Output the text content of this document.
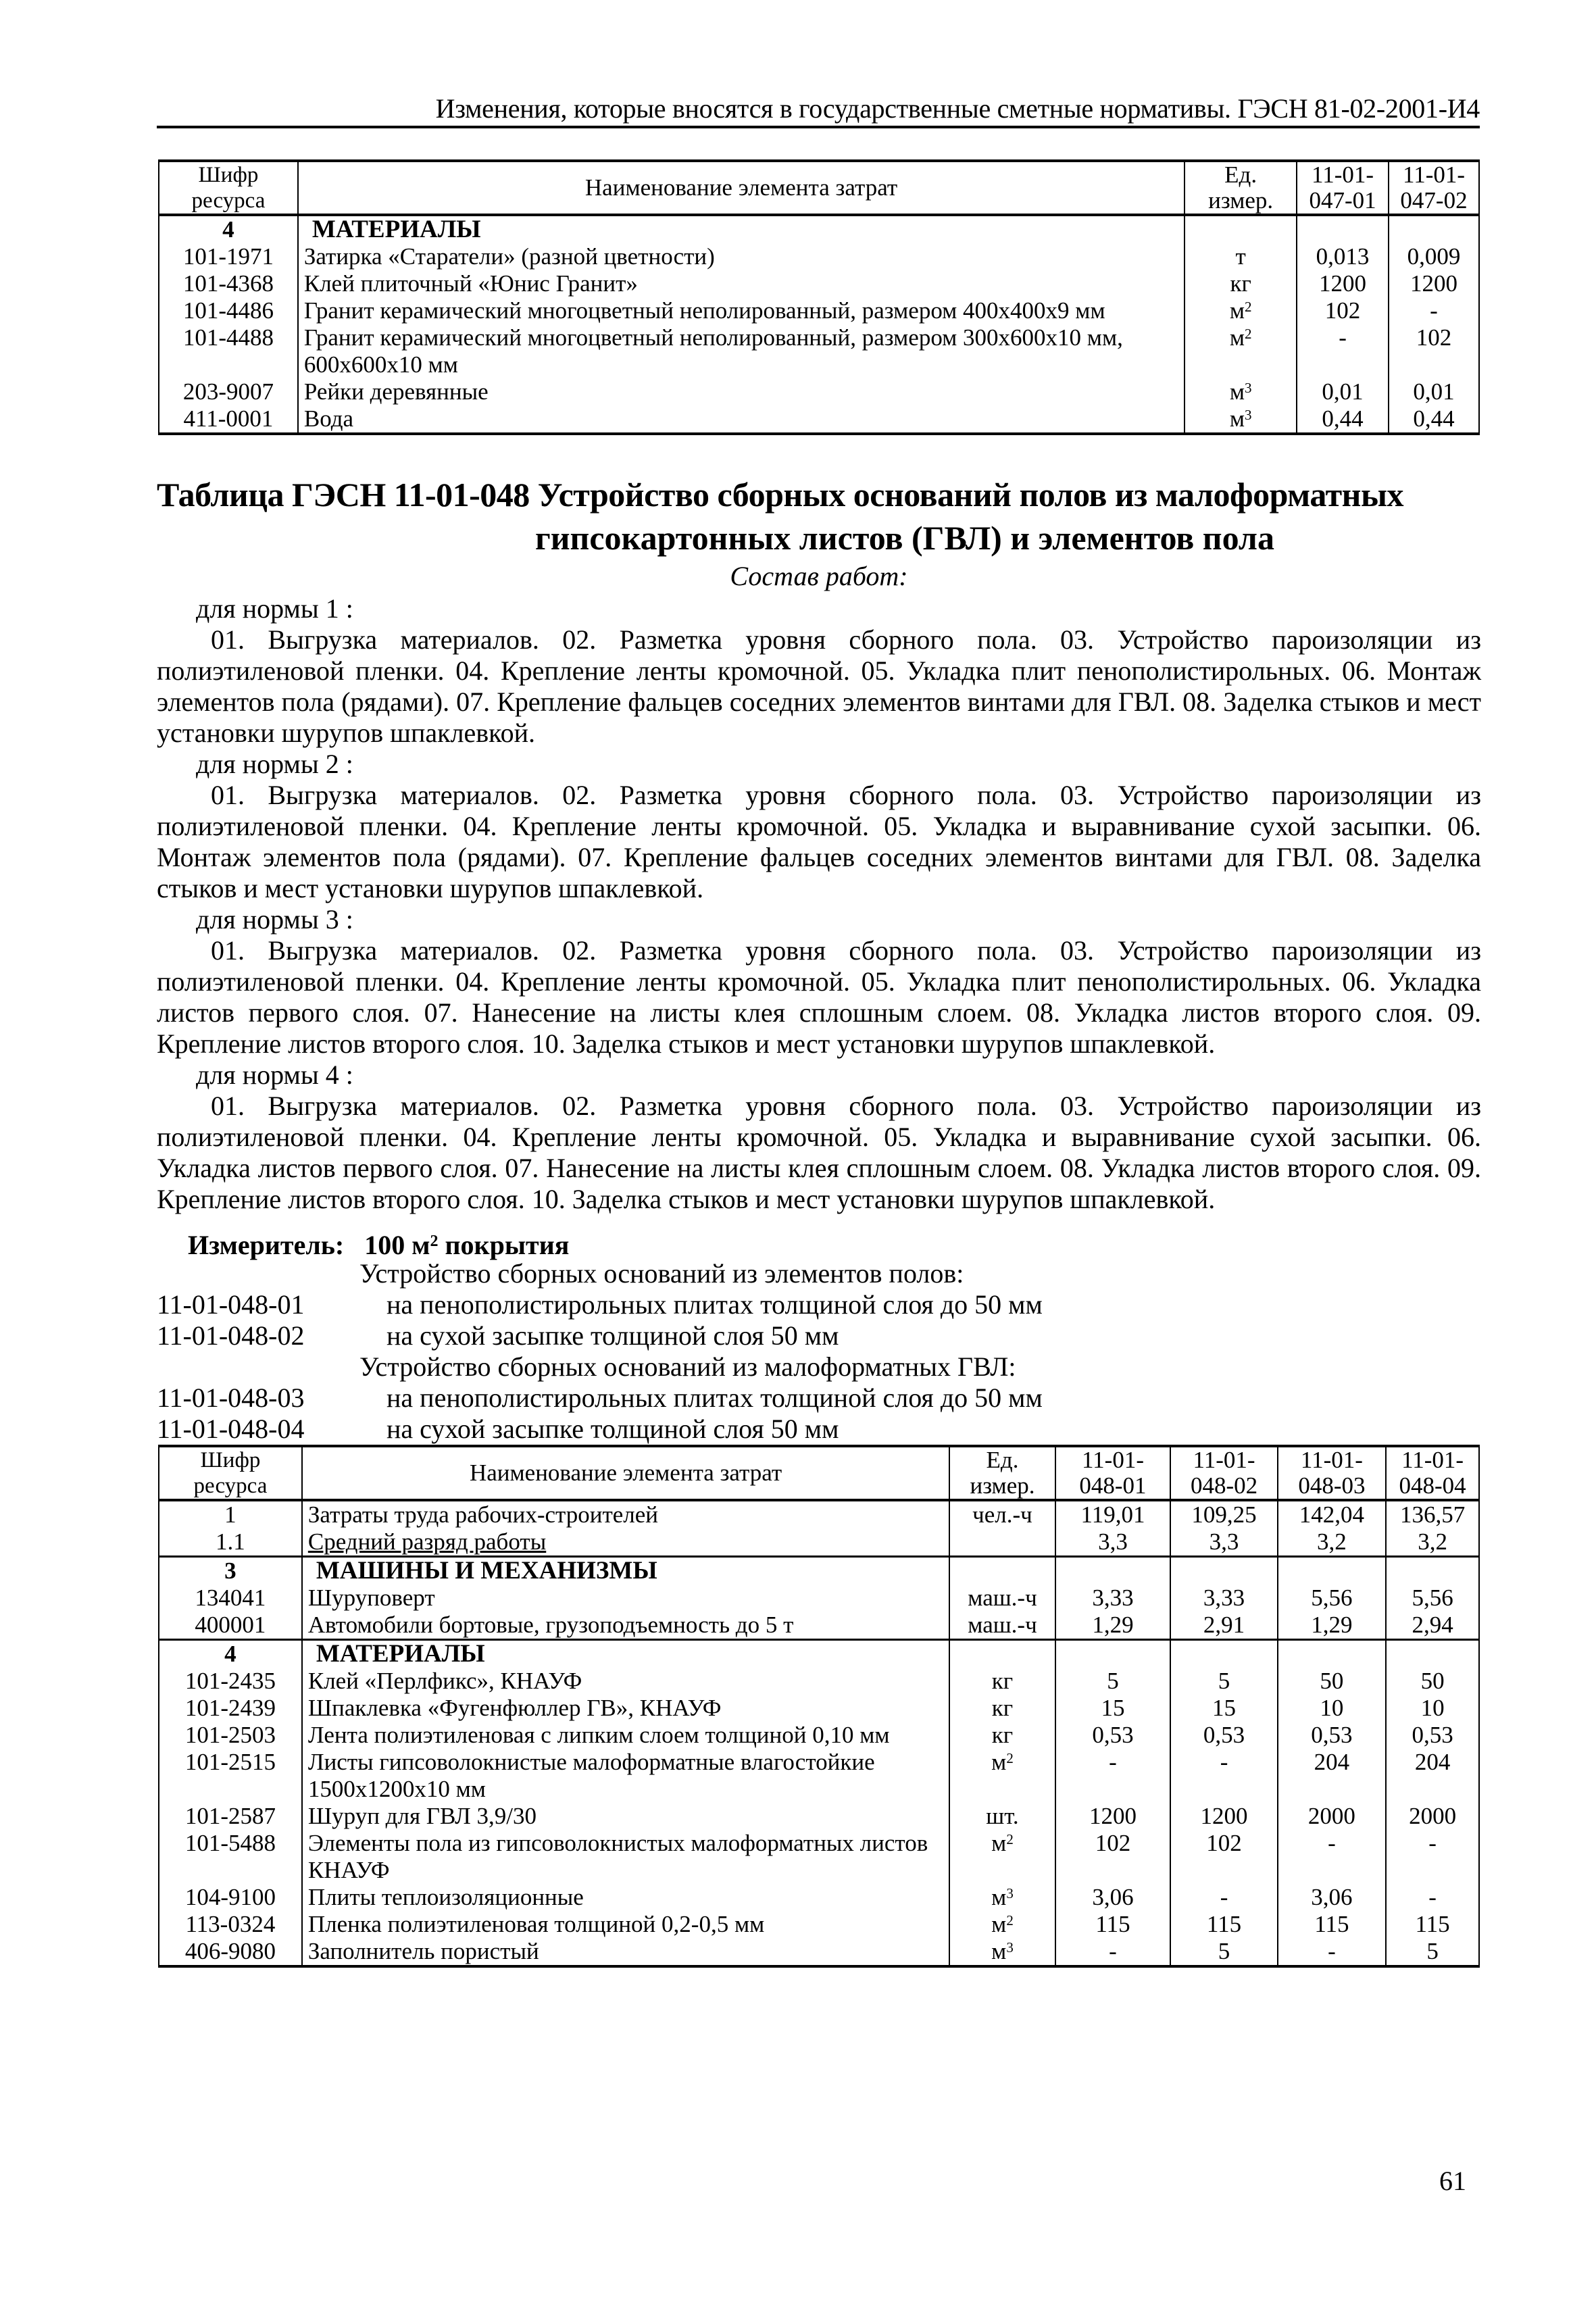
Изменения, которые вносятся в государственные сметные нормативы. ГЭСН 81-02-2001-И4
Шифр ресурса	Наименование элемента затрат	Ед. измер.	11-01-047-01	11-01-047-02
4	МАТЕРИАЛЫ			
101-1971	Затирка «Старатели» (разной цветности)	т	0,013	0,009
101-4368	Клей плиточный «Юнис Гранит»	кг	1200	1200
101-4486	Гранит керамический многоцветный неполированный, размером 400х400х9 мм	$м^2$	102	-
101-4488	Гранит керамический многоцветный неполированный, размером 300х600х10 мм, 600х600х10 мм	$м^2$	-	102
203-9007	Рейки деревянные	$м^3$	0,01	0,01
411-0001	Вода	$м^3$	0,44	0,44
Таблица ГЭСН 11-01-048 Устройство сборных оснований полов из малоформатных
гипсокартонных листов (ГВЛ) и элементов пола
Состав работ:
для нормы 1 :

01. Выгрузка материалов. 02. Разметка уровня сборного пола. 03. Устройство пароизоляции из полиэтиленовой пленки. 04. Крепление ленты кромочной. 05. Укладка плит пенополистирольных. 06. Монтаж элементов пола (рядами). 07. Крепление фальцев соседних элементов винтами для ГВЛ. 08. Заделка стыков и мест установки шурупов шпаклевкой.

для нормы 2 :

01. Выгрузка материалов. 02. Разметка уровня сборного пола. 03. Устройство пароизоляции из полиэтиленовой пленки. 04. Крепление ленты кромочной. 05. Укладка и выравнивание сухой засыпки. 06. Монтаж элементов пола (рядами). 07. Крепление фальцев соседних элементов винтами для ГВЛ. 08. Заделка стыков и мест установки шурупов шпаклевкой.

для нормы 3 :

01. Выгрузка материалов. 02. Разметка уровня сборного пола. 03. Устройство пароизоляции из полиэтиленовой пленки. 04. Крепление ленты кромочной. 05. Укладка плит пенополистирольных. 06. Укладка листов первого слоя. 07. Нанесение на листы клея сплошным слоем. 08. Укладка листов второго слоя. 09. Крепление листов второго слоя. 10. Заделка стыков и мест установки шурупов шпаклевкой.

для нормы 4 :

01. Выгрузка материалов. 02. Разметка уровня сборного пола. 03. Устройство пароизоляции из полиэтиленовой пленки. 04. Крепление ленты кромочной. 05. Укладка и выравнивание сухой засыпки. 06. Укладка листов первого слоя. 07. Нанесение на листы клея сплошным слоем. 08. Укладка листов второго слоя. 09. Крепление листов второго слоя. 10. Заделка стыков и мест установки шурупов шпаклевкой.

Измеритель: 100 $м^2$ покрытия
Устройство сборных оснований из элементов полов:
11-01-048-01	на пенополистирольных плитах толщиной слоя до 50 мм
11-01-048-02	на сухой засыпке толщиной слоя 50 мм
Устройство сборных оснований из малоформатных ГВЛ:
11-01-048-03	на пенополистирольных плитах толщиной слоя до 50 мм
11-01-048-04	на сухой засыпке толщиной слоя 50 мм
Шифр ресурса	Наименование элемента затрат	Ед. измер.	11-01-048-01	11-01-048-02	11-01-048-03	11-01-048-04
1	Затраты труда рабочих-строителей	чел.-ч	119,01	109,25	142,04	136,57
1.1	Средний разряд работы		3,3	3,3	3,2	3,2
3	МАШИНЫ И МЕХАНИЗМЫ					
134041	Шуруповерт	маш.-ч	3,33	3,33	5,56	5,56
400001	Автомобили бортовые, грузоподъемность до 5 т	маш.-ч	1,29	2,91	1,29	2,94
4	МАТЕРИАЛЫ					
101-2435	Клей «Перлфикс», КНАУФ	кг	5	5	50	50
101-2439	Шпаклевка «Фугенфюллер ГВ», КНАУФ	кг	15	15	10	10
101-2503	Лента полиэтиленовая с липким слоем толщиной 0,10 мм	кг	0,53	0,53	0,53	0,53
101-2515	Листы гипсоволокнистые малоформатные влагостойкие 1500х1200х10 мм	$м^2$	-	-	204	204
101-2587	Шуруп для ГВЛ 3,9/30	шт.	1200	1200	2000	2000
101-5488	Элементы пола из гипсоволокнистых малоформатных листов КНАУФ	$м^2$	102	102	-	-
104-9100	Плиты теплоизоляционные	$м^3$	3,06	-	3,06	-
113-0324	Пленка полиэтиленовая толщиной 0,2-0,5 мм	$м^2$	115	115	115	115
406-9080	Заполнитель пористый	$м^3$	-	5	-	5
61
